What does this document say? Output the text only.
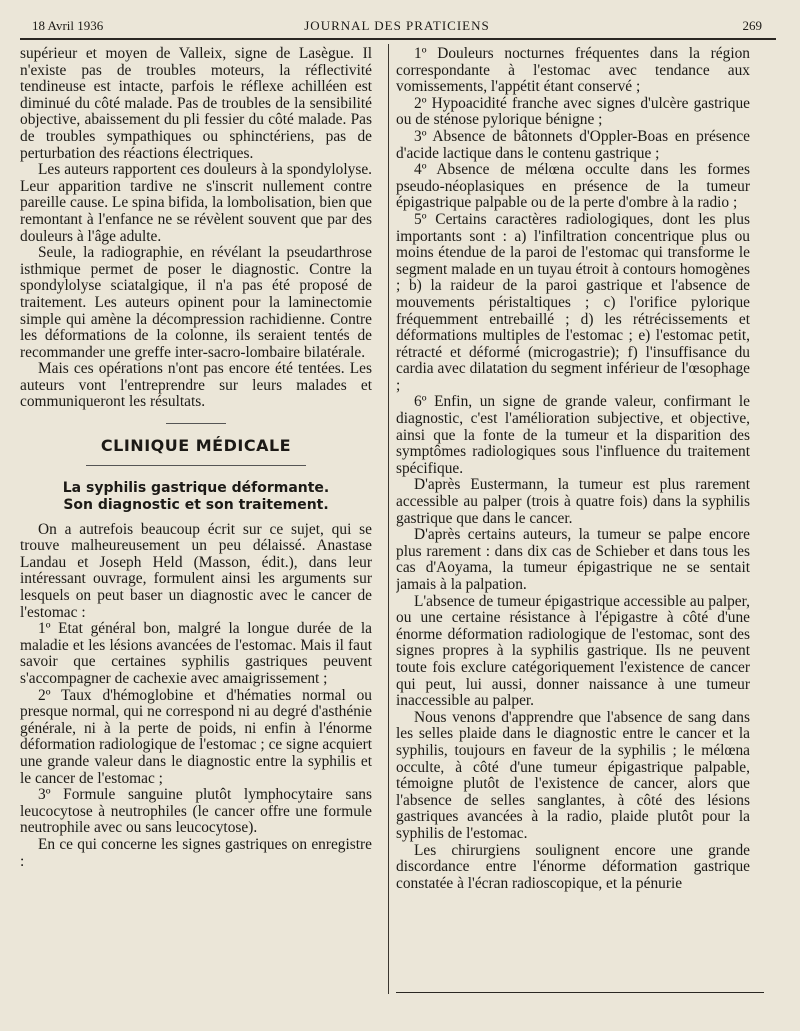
18 Avril 1936	JOURNAL DES PRATICIENS	269

supérieur et moyen de Valleix, signe de Lasègue. Il n'existe pas de troubles moteurs, la réflectivité tendineuse est intacte, parfois le réflexe achilléen est diminué du côté malade. Pas de troubles de la sensibilité objective, abaissement du pli fessier du côté malade. Pas de troubles sympathiques ou sphinctériens, pas de perturbation des réactions électriques.

Les auteurs rapportent ces douleurs à la spondylolyse. Leur apparition tardive ne s'inscrit nullement contre pareille cause. Le spina bifida, la lombolisation, bien que remontant à l'enfance ne se révèlent souvent que par des douleurs à l'âge adulte.

Seule, la radiographie, en révélant la pseudarthrose isthmique permet de poser le diagnostic. Contre la spondylolyse sciatalgique, il n'a pas été proposé de traitement. Les auteurs opinent pour la laminectomie simple qui amène la décompression rachidienne. Contre les déformations de la colonne, ils seraient tentés de recommander une greffe inter-sacro-lombaire bilatérale.

Mais ces opérations n'ont pas encore été tentées. Les auteurs vont l'entreprendre sur leurs malades et communiqueront les résultats.

CLINIQUE MÉDICALE
La syphilis gastrique déformante.
Son diagnostic et son traitement.

On a autrefois beaucoup écrit sur ce sujet, qui se trouve malheureusement un peu délaissé. Anastase Landau et Joseph Held (Masson, édit.), dans leur intéressant ouvrage, formulent ainsi les arguments sur lesquels on peut baser un diagnostic avec le cancer de l'estomac :

1º Etat général bon, malgré la longue durée de la maladie et les lésions avancées de l'estomac. Mais il faut savoir que certaines syphilis gastriques peuvent s'accompagner de cachexie avec amaigrissement ;

2º Taux d'hémoglobine et d'hématies normal ou presque normal, qui ne correspond ni au degré d'asthénie générale, ni à la perte de poids, ni enfin à l'énorme déformation radiologique de l'estomac ; ce signe acquiert une grande valeur dans le diagnostic entre la syphilis et le cancer de l'estomac ;

3º Formule sanguine plutôt lymphocytaire sans leucocytose à neutrophiles (le cancer offre une formule neutrophile avec ou sans leucocytose).

En ce qui concerne les signes gastriques on enregistre :

1º Douleurs nocturnes fréquentes dans la région correspondante à l'estomac avec tendance aux vomissements, l'appétit étant conservé ;

2º Hypoacidité franche avec signes d'ulcère gastrique ou de sténose pylorique bénigne ;

3º Absence de bâtonnets d'Oppler-Boas en présence d'acide lactique dans le contenu gastrique ;

4º Absence de mélœna occulte dans les formes pseudo-néoplasiques en présence de la tumeur épigastrique palpable ou de la perte d'ombre à la radio ;

5º Certains caractères radiologiques, dont les plus importants sont : a) l'infiltration concentrique plus ou moins étendue de la paroi de l'estomac qui transforme le segment malade en un tuyau étroit à contours homogènes ; b) la raideur de la paroi gastrique et l'absence de mouvements péristaltiques ; c) l'orifice pylorique fréquemment entrebaillé ; d) les rétrécissements et déformations multiples de l'estomac ; e) l'estomac petit, rétracté et déformé (microgastrie); f) l'insuffisance du cardia avec dilatation du segment inférieur de l'œsophage ;

6º Enfin, un signe de grande valeur, confirmant le diagnostic, c'est l'amélioration subjective, et objective, ainsi que la fonte de la tumeur et la disparition des symptômes radiologiques sous l'influence du traitement spécifique.

D'après Eustermann, la tumeur est plus rarement accessible au palper (trois à quatre fois) dans la syphilis gastrique que dans le cancer.

D'après certains auteurs, la tumeur se palpe encore plus rarement : dans dix cas de Schieber et dans tous les cas d'Aoyama, la tumeur épigastrique ne se sentait jamais à la palpation.

L'absence de tumeur épigastrique accessible au palper, ou une certaine résistance à l'épigastre à côté d'une énorme déformation radiologique de l'estomac, sont des signes propres à la syphilis gastrique. Ils ne peuvent toute fois exclure catégoriquement l'existence de cancer qui peut, lui aussi, donner naissance à une tumeur inaccessible au palper.

Nous venons d'apprendre que l'absence de sang dans les selles plaide dans le diagnostic entre le cancer et la syphilis, toujours en faveur de la syphilis ; le mélœna occulte, à côté d'une tumeur épigastrique palpable, témoigne plutôt de l'existence de cancer, alors que l'absence de selles sanglantes, à côté des lésions gastriques avancées à la radio, plaide plutôt pour la syphilis de l'estomac.

Les chirurgiens soulignent encore une grande discordance entre l'énorme déformation gastrique constatée à l'écran radioscopique, et la pénurie
